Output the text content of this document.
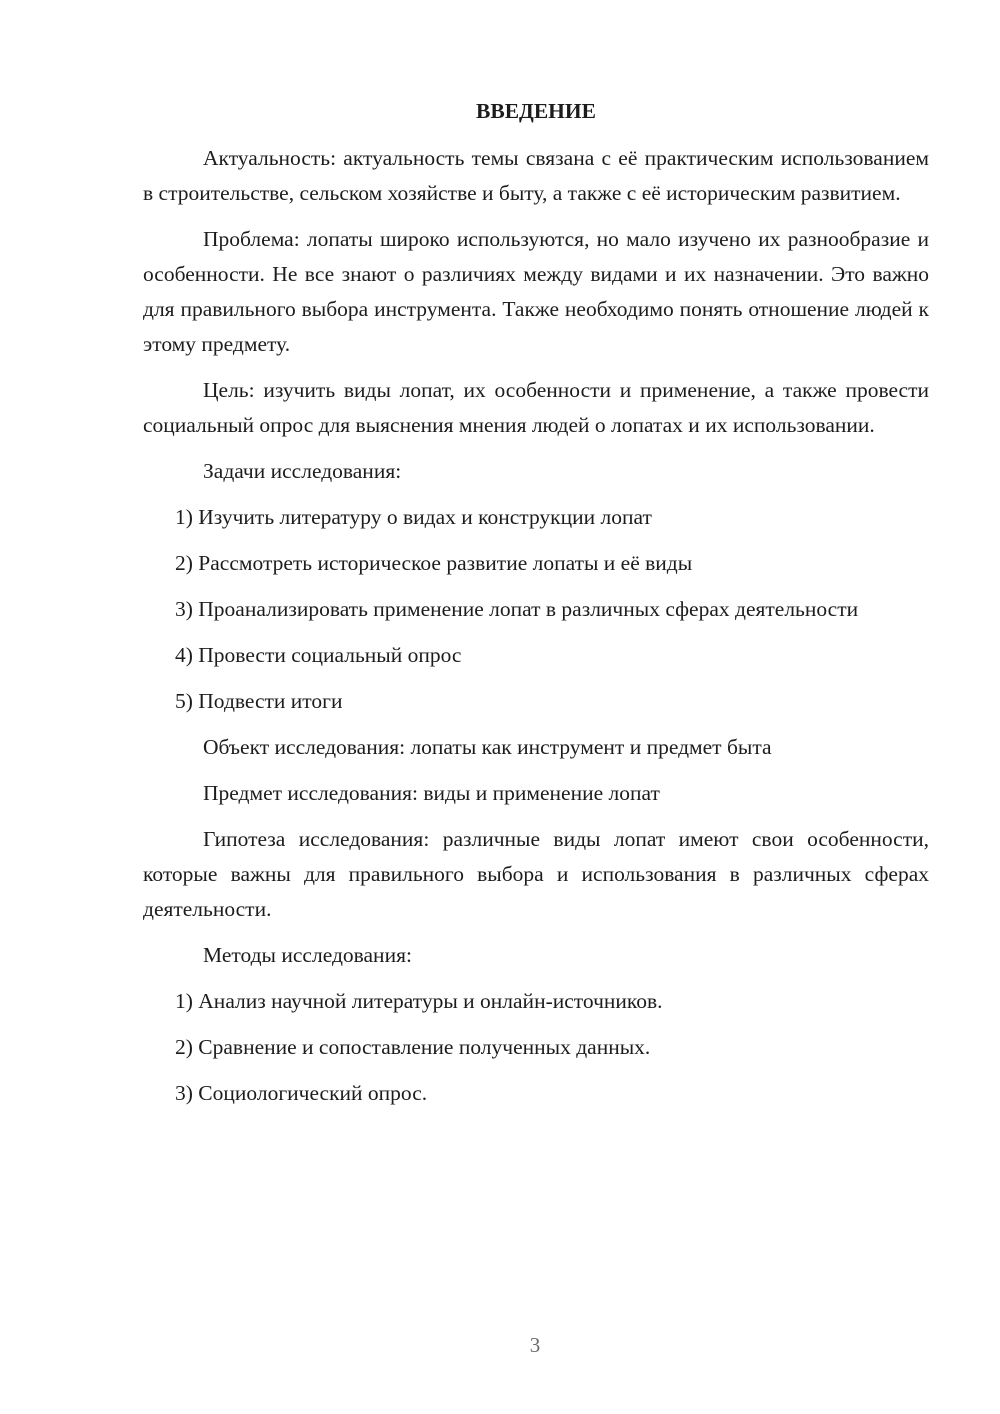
ВВЕДЕНИЕ

Актуальность: актуальность темы связана с её практическим использованием в строительстве, сельском хозяйстве и быту, а также с её историческим развитием.

Проблема: лопаты широко используются, но мало изучено их разнообразие и особенности. Не все знают о различиях между видами и их назначении. Это важно для правильного выбора инструмента. Также необходимо понять отношение людей к этому предмету.

Цель: изучить виды лопат, их особенности и применение, а также провести социальный опрос для выяснения мнения людей о лопатах и их использовании.

Задачи исследования:

1) Изучить литературу о видах и конструкции лопат

2) Рассмотреть историческое развитие лопаты и её виды

3) Проанализировать применение лопат в различных сферах деятельности

4) Провести социальный опрос

5) Подвести итоги

Объект исследования: лопаты как инструмент и предмет быта

Предмет исследования: виды и применение лопат

Гипотеза исследования: различные виды лопат имеют свои особенности, которые важны для правильного выбора и использования в различных сферах деятельности.

Методы исследования:

1) Анализ научной литературы и онлайн-источников.

2) Сравнение и сопоставление полученных данных.

3) Социологический опрос.

3
